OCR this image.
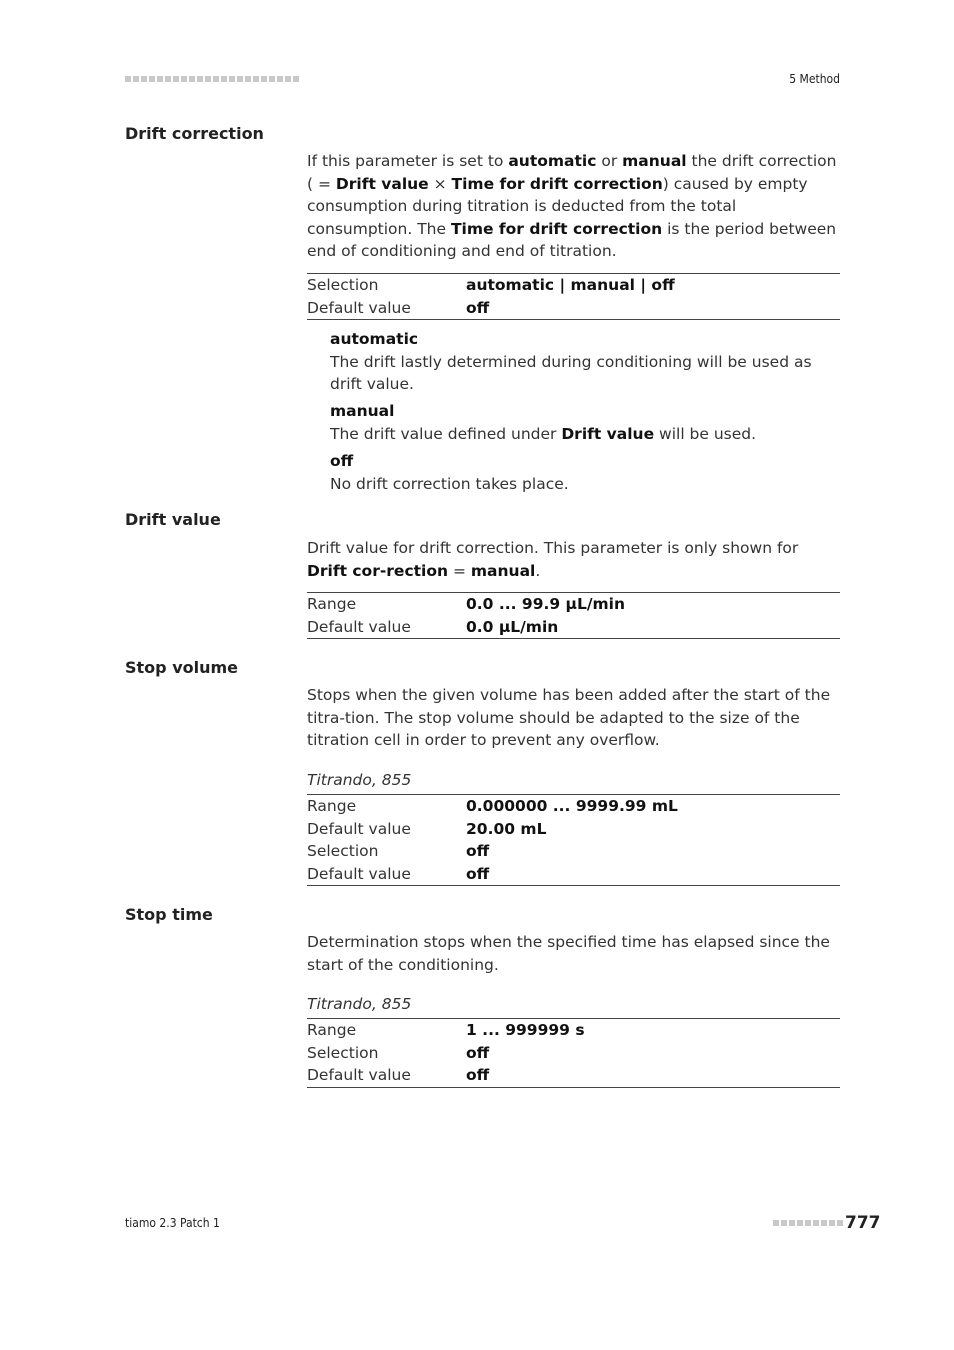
5 Method
Drift correction
If this parameter is set to automatic or manual the drift correction ( = Drift value × Time for drift correction) caused by empty consumption during titration is deducted from the total consumption. The Time for drift correction is the period between end of conditioning and end of titration.
Selection	automatic | manual | off
Default value	off
automatic
The drift lastly determined during conditioning will be used as drift value.
manual
The drift value defined under Drift value will be used.
off
No drift correction takes place.
Drift value
Drift value for drift correction. This parameter is only shown for Drift cor-rection = manual.
Range	0.0 ... 99.9 µL/min
Default value	0.0 µL/min
Stop volume
Stops when the given volume has been added after the start of the titra-tion. The stop volume should be adapted to the size of the titration cell in order to prevent any overflow.
Titrando, 855
Range	0.000000 ... 9999.99 mL
Default value	20.00 mL
Selection	off
Default value	off
Stop time
Determination stops when the specified time has elapsed since the start of the conditioning.
Titrando, 855
Range	1 ... 999999 s
Selection	off
Default value	off
tiamo 2.3 Patch 1	777
